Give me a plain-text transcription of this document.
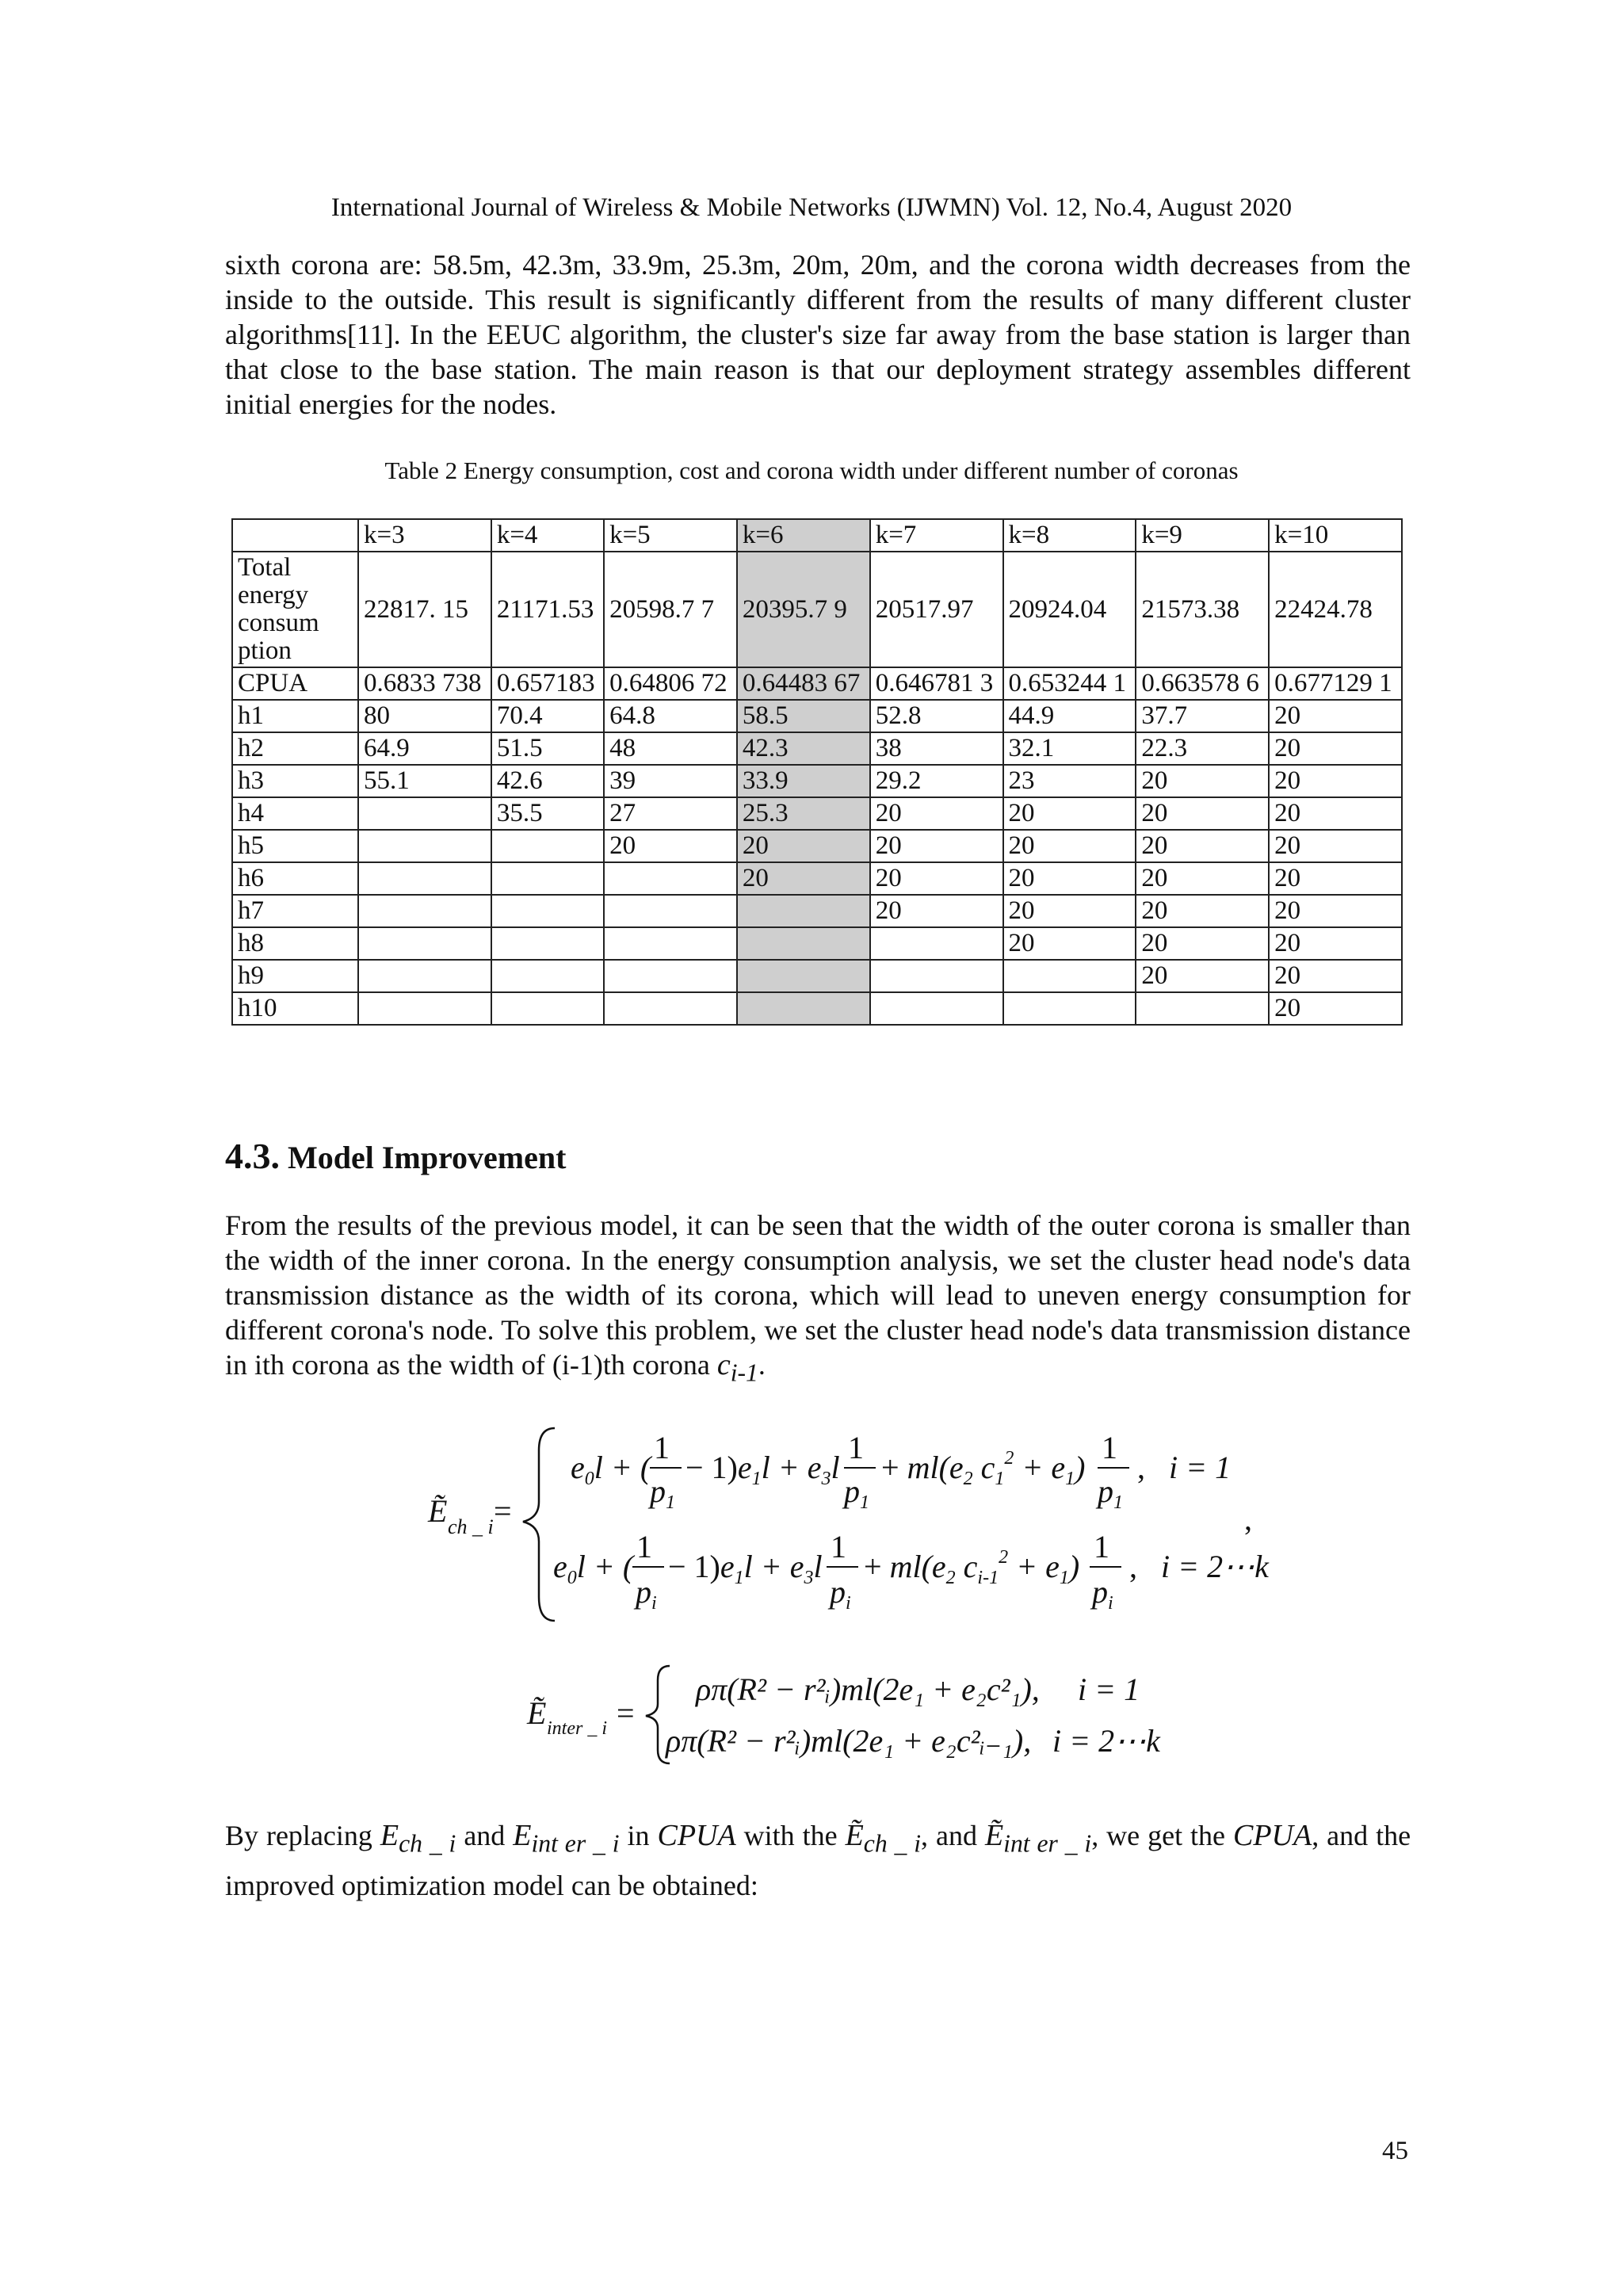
International Journal of Wireless & Mobile Networks (IJWMN) Vol. 12, No.4, August 2020
sixth corona are: 58.5m, 42.3m, 33.9m, 25.3m, 20m, 20m, and the corona width decreases from the inside to the outside. This result is significantly different from the results of many different cluster algorithms[11]. In the EEUC algorithm, the cluster's size far away from the base station is larger than that close to the base station. The main reason is that our deployment strategy assembles different initial energies for the nodes.
Table 2 Energy consumption, cost and corona width under different number of coronas
	k=3	k=4	k=5	k=6	k=7	k=8	k=9	k=10
Total energy consum ption	22817. 15	21171.53	20598.7 7	20395.7 9	20517.97	20924.04	21573.38	22424.78
CPUA	0.6833 738	0.657183	0.64806 72	0.64483 67	0.646781 3	0.653244 1	0.663578 6	0.677129 1
h1	80	70.4	64.8	58.5	52.8	44.9	37.7	20
h2	64.9	51.5	48	42.3	38	32.1	22.3	20
h3	55.1	42.6	39	33.9	29.2	23	20	20
h4		35.5	27	25.3	20	20	20	20
h5			20	20	20	20	20	20
h6				20	20	20	20	20
h7					20	20	20	20
h8						20	20	20
h9							20	20
h10								20
4.3. Model Improvement
From the results of the previous model, it can be seen that the width of the outer corona is smaller than the width of the inner corona. In the energy consumption analysis, we set the cluster head node's data transmission distance as the width of its corona, which will lead to uneven energy consumption for different corona's node. To solve this problem, we set the cluster head node's data transmission distance in ith corona as the width of (i-1)th corona $c_{i-1}$.
Ẽ ch _ i =
$e_0l$ + (
1
$p_1$
− $1)e_1l + e_3l$
1
$p_1$
+ $ml(e_2$ $c_1^2 + e_1$)
1
$p_1$
, i = 1
$e_0l$ + (
1
$p_i$
− $1)e_1l + e_3l$
1
$p_i$
+ $ml(e_2$ $c_{i-1}^2 + e_1$)
1
$p_i$
, i = 2⋯k
,
Ẽ inter _ i =
ρπ(R² − r²ᵢ)ml(2e₁ + e₂c²₁), i = 1
ρπ(R² − r²ᵢ)ml(2e₁ + e₂c²ᵢ₋₁), i = 2⋯k
By replacing $E_{ch \_ i}$ and $E_{int er \_ i}$ in CPUA with the Ẽ$_{ch \_ i}$, and Ẽ$_{int er \_ i}$, we get the CPUA, and the improved optimization model can be obtained:
45
